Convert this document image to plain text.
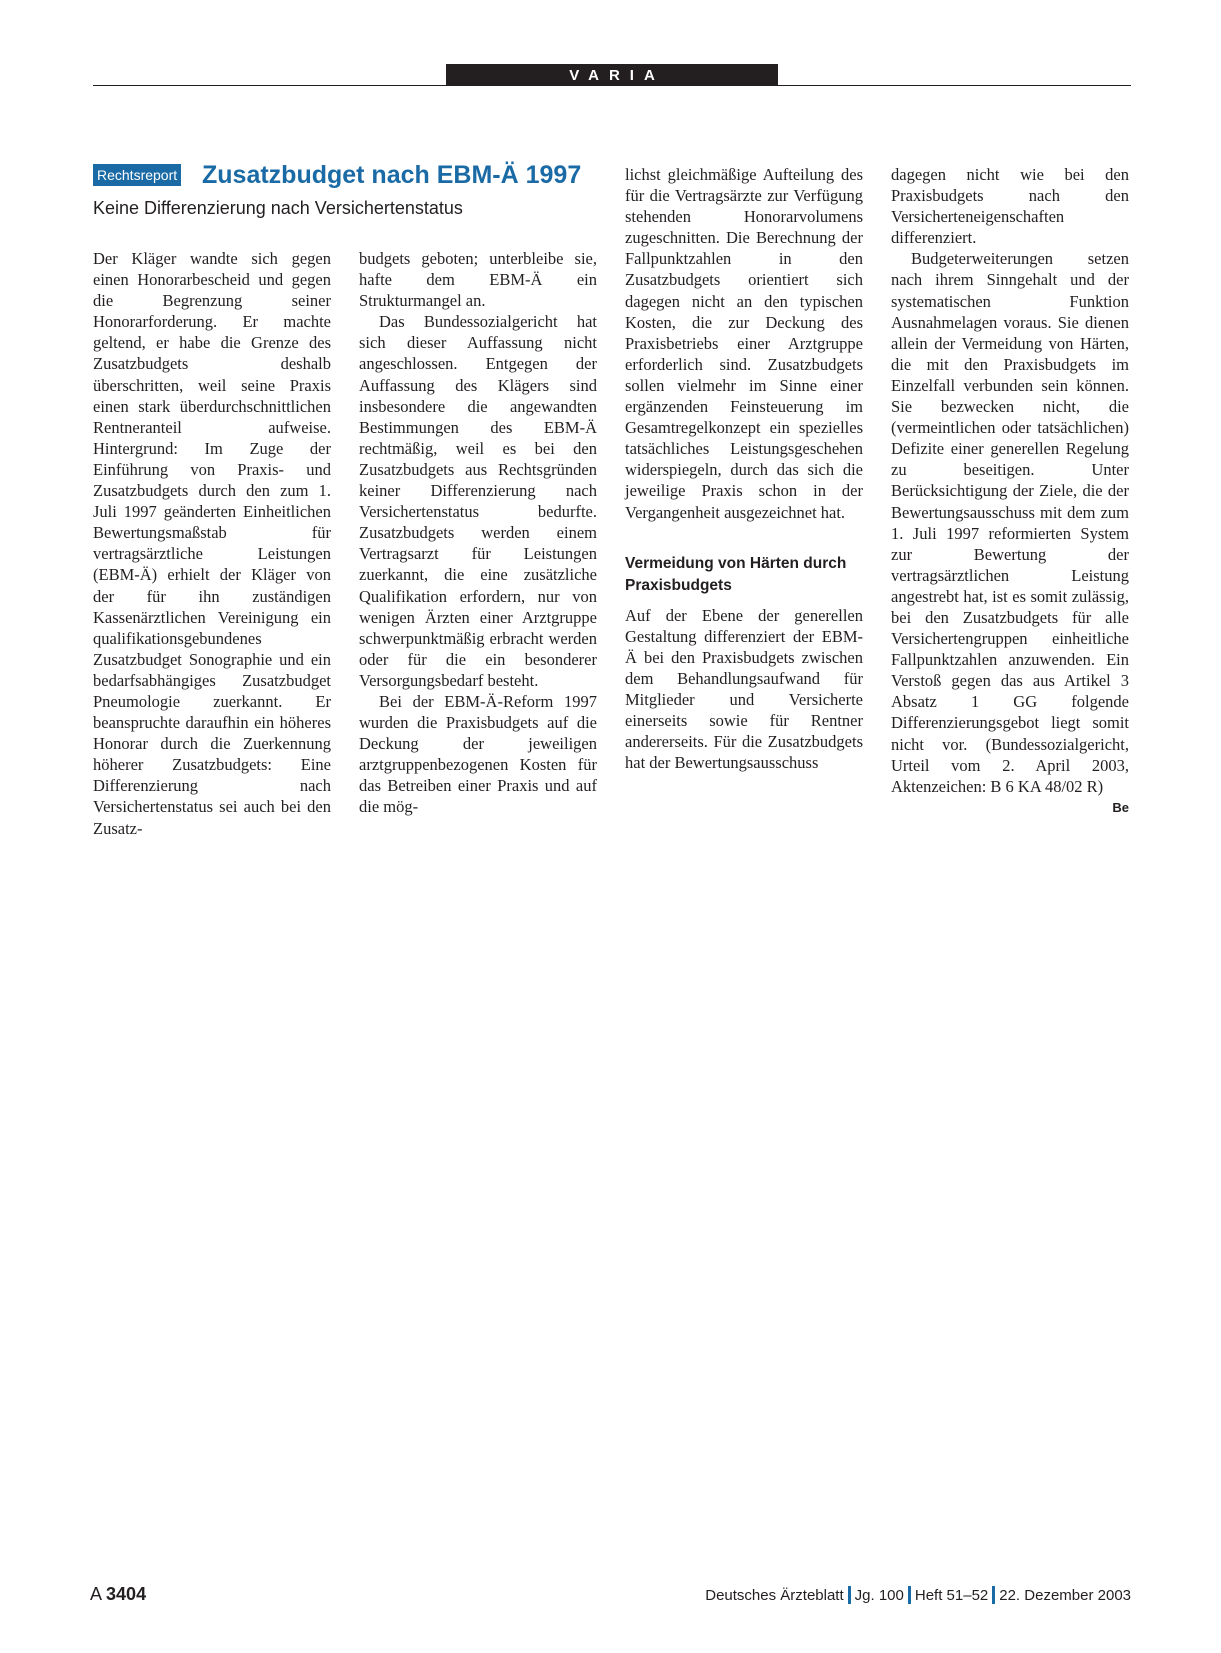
VARIA
Rechtsreport Zusatzbudget nach EBM-Ä 1997
Keine Differenzierung nach Versichertenstatus

Der Kläger wandte sich gegen einen Honorarbescheid und gegen die Begrenzung seiner Honorarforderung. Er machte geltend, er habe die Grenze des Zusatzbudgets deshalb überschritten, weil seine Praxis einen stark überdurchschnittlichen Rentneranteil aufweise. Hintergrund: Im Zuge der Einführung von Praxis- und Zusatzbudgets durch den zum 1. Juli 1997 geänderten Einheitlichen Bewertungsmaßstab für vertragsärztliche Leistungen (EBM-Ä) erhielt der Kläger von der für ihn zuständigen Kassenärztlichen Vereinigung ein qualifikationsgebundenes Zusatzbudget Sonographie und ein bedarfsabhängiges Zusatzbudget Pneumologie zuerkannt. Er beanspruchte daraufhin ein höheres Honorar durch die Zuerkennung höherer Zusatzbudgets: Eine Differenzierung nach Versichertenstatus sei auch bei den Zusatz-

budgets geboten; unterbleibe sie, hafte dem EBM-Ä ein Strukturmangel an.

Das Bundessozialgericht hat sich dieser Auffassung nicht angeschlossen. Entgegen der Auffassung des Klägers sind insbesondere die angewandten Bestimmungen des EBM-Ä rechtmäßig, weil es bei den Zusatzbudgets aus Rechtsgründen keiner Differenzierung nach Versichertenstatus bedurfte. Zusatzbudgets werden einem Vertragsarzt für Leistungen zuerkannt, die eine zusätzliche Qualifikation erfordern, nur von wenigen Ärzten einer Arztgruppe schwerpunktmäßig erbracht werden oder für die ein besonderer Versorgungsbedarf besteht.

Bei der EBM-Ä-Reform 1997 wurden die Praxisbudgets auf die Deckung der jeweiligen arztgruppenbezogenen Kosten für das Betreiben einer Praxis und auf die mög-

lichst gleichmäßige Aufteilung des für die Vertragsärzte zur Verfügung stehenden Honorarvolumens zugeschnitten. Die Berechnung der Fallpunktzahlen in den Zusatzbudgets orientiert sich dagegen nicht an den typischen Kosten, die zur Deckung des Praxisbetriebs einer Arztgruppe erforderlich sind. Zusatzbudgets sollen vielmehr im Sinne einer ergänzenden Feinsteuerung im Gesamtregelkonzept ein spezielles tatsächliches Leistungsgeschehen widerspiegeln, durch das sich die jeweilige Praxis schon in der Vergangenheit ausgezeichnet hat.

Vermeidung von Härten durch Praxisbudgets

Auf der Ebene der generellen Gestaltung differenziert der EBM-Ä bei den Praxisbudgets zwischen dem Behandlungsaufwand für Mitglieder und Versicherte einerseits sowie für Rentner andererseits. Für die Zusatzbudgets hat der Bewertungsausschuss

dagegen nicht wie bei den Praxisbudgets nach den Versicherteneigenschaften differenziert.

Budgeterweiterungen setzen nach ihrem Sinngehalt und der systematischen Funktion Ausnahmelagen voraus. Sie dienen allein der Vermeidung von Härten, die mit den Praxisbudgets im Einzelfall verbunden sein können. Sie bezwecken nicht, die (vermeintlichen oder tatsächlichen) Defizite einer generellen Regelung zu beseitigen. Unter Berücksichtigung der Ziele, die der Bewertungsausschuss mit dem zum 1. Juli 1997 reformierten System zur Bewertung der vertragsärztlichen Leistung angestrebt hat, ist es somit zulässig, bei den Zusatzbudgets für alle Versichertengruppen einheitliche Fallpunktzahlen anzuwenden. Ein Verstoß gegen das aus Artikel 3 Absatz 1 GG folgende Differenzierungsgebot liegt somit nicht vor. (Bundessozialgericht, Urteil vom 2. April 2003, Aktenzeichen: B 6 KA 48/02 R)
Be

A 3404	Deutsches Ärzteblatt Jg. 100 Heft 51–52 22. Dezember 2003
